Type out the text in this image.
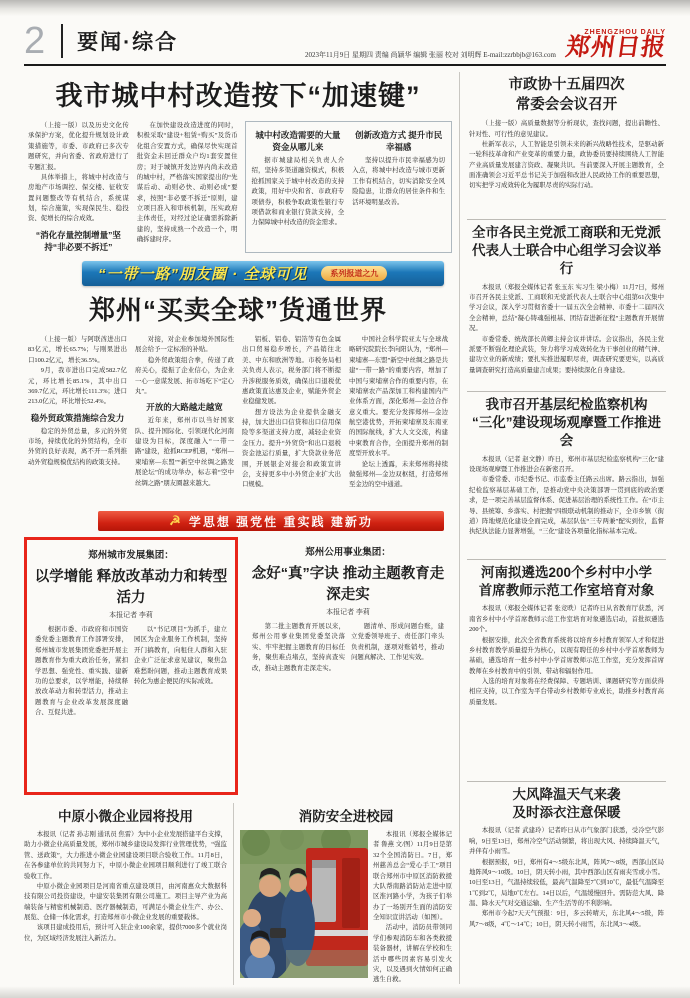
2 要闻·综合	ZHENGZHOU DAILY
2023年11月9日 星期四 责编 尚颖华 编辑 张丽 校对 刘明辉 E-mail:zzrbbjb@163.com 郑州日报
我市城中村改造按下“加速键”

（上接一版）以及历史文化传承保护方案，优化提升规划设计政策措施等，市委、市政府已多次专题研究，并向省委、省政府进行了专题汇报。

具体举措上，将城中村改造与房地产市场调控、保交楼、征收安置问题整改等有机结合，系统谋划，综合施策，实现保民生、稳投资、促增长的综合成效。

“消化存量控制增量”坚持“非必要不拆迁”

在加快建设改造进度的同时，积极采取“建设+租赁+购买”及货币化组合安置方式，确保尽快实现首批资金未回迁群众户均1套安置住房；对于城镇开发边界内尚未改造的城中村，严格落实国家提出的“先谋后动、动则必快、动则必成”要求，按照“非必要不拆迁”原则，建立项目准入和审核机制，压实政府主体责任，对经过论证确需拆除新建的，坚持成熟一个改造一个，明确拆建时序。

城中村改造需要的大量资金从哪儿来

据市城建局相关负责人介绍，坚持多渠道融资模式，积极抢抓国家关于城中村改造的支持政策，用好中央和省、市政府专项债券，积极争取政策性银行专项借款和商业银行贷款支持，全力保障城中村改造的资金需求。

创新改造方式 提升市民幸福感

坚持以提升市民幸福感为切入点，将城中村改造与城市更新工作有机结合，切实消除安全风险隐患，让群众的居住条件和生活环境明显改善。

“一带一路”朋友圈 · 全球可见	系列报道之九
郑州“买卖全球”货通世界

（上接一版）与阿联酋进出口83亿元，增长65.7%；与刚果进出口100.2亿元，增长36.5%。

9月，我市进出口完成582.7亿元，环比增长85.1%，其中出口369.7亿元，环比增长111.3%；进口213.0亿元，环比增长52.4%。

稳外贸政策措施综合发力

稳定的外贸总量，多元的外贸市场，持续优化的外贸结构，全市外贸的良好表现，离不开一系列推动外贸稳规模优结构的政策支持。

对接，对企业参加境外国际性展会给予一定标准的补贴。

稳外贸政策组合拳，传递了政府关心，提振了企业信心，为企业一心一意谋发展、拓市场吃下“定心丸”。

开放的大路越走越宽

近年来，郑州市以当好国家队、提升国际化、引领现代化河南建设为目标，深度融入“一带一路”建设，抢抓RCEP机遇，“郑州—柬埔寨—东盟”“新空中丝绸之路发展论坛”的成功举办，标志着“空中丝绸之路”朋友圈越来越大。

铝板、铝卷、铝箔等有色金属出口贸易稳步增长，产品销往北美、中东和欧洲等地。市税务局相关负责人表示，税务部门将不断提升涉税服务质效，确保出口退税优惠政策直达惠及企业，赋能外贸企业稳健发展。

想方设法为企业提供金融支持，加大进出口信贷和出口信用保险等多渠道支持力度，减轻企业资金压力。提升“外贸贷”和出口退税资金池运行质量，扩大贷款业务范围，开展银企对接会和政策宣讲会，支持更多中小外贸企业扩大出口规模。

中国社会科学院亚太与全球战略研究院院长李向阳认为，“郑州—柬埔寨—东盟”新空中丝绸之路是共建“一带一路”的重要内容，增加了中国与柬埔寨合作的重要内容，在柬埔寨农产品深加工和构建国内产业体系方面，深化郑州—金边合作意义重大。要充分发挥郑州—金边航空港优势，开拓柬埔寨及东南亚的国际航线，扩大人文交流，构建中柬教育合作，全面提升郑州的制度型开放水平。

论坛上透露，未来郑州将持续做强郑州—金边双枢纽，打造郑州至金边的空中通道。

☭ 学思想 强党性 重实践 建新功
郑州城市发展集团：
以学增能 释放改革动力和转型活力
本报记者 李莉

根据市委、市政府和市国资委党委主题教育工作部署安排，郑州城市发展集团党委把开展主题教育作为重大政治任务，紧扣学思想、强党性、重实践、建新功的总要求，以学增能，持续释放改革动力和转型活力，推动主题教育与企业改革发展深度融合、互促共进。

以“书记项目”为抓手，建立园区为企业服务工作机制，坚持开门搞教育，向租住人群和入驻企业广泛征求意见建议，聚焦急难愁盼问题，推动主题教育成果转化为惠企便民的实际成效。

郑州公用事业集团：
念好“真”字诀 推动主题教育走深走实
本报记者 李莉

第二批主题教育开展以来，郑州公用事业集团党委坚决落实、牢牢把握主题教育的目标任务，聚焦难点堵点，坚持真查实改，推动主题教育走深走实。

题清单、形成问题台账，建立党委领导班子、责任部门牵头负责机制，逐项对账销号，推动问题真解决、工作见实效。

中原小微企业园将投用

本报讯（记者 孙志刚 通讯员 焦雷）为中小企业发展搭建平台支撑，助力小微企业高质量发展，郑州市城乡建设局发挥行业管理优势，“强监管、送政策”，大力推进小微企业园建设项目联合验收工作。11月8日，在各参建单位的共同努力下，中原小微企业园项目顺利进行了竣工联合验收工作。

中原小微企业园项目是河南省重点建设项目，由河南惠众大数据科技有限公司投资建设，中建安装集团有限公司施工。项目主导产业为高端装备与精密机械制造、医疗器械制造，可满足小微企业生产、办公、展览、仓储一体化需求，打造郑州市小微企业发展的重要载体。

该项目建成投用后，预计可入驻企业100余家，提供7000多个就业岗位，为区域经济发展注入新活力。

消防安全进校园

本报讯（郑报全媒体记者 鲁燕 文/图）11月9日是第32个全国消防日。7日，郑州慈善总会“爱心手工”项目联合郑州市中原区消防救援大队帮南路消防站走进中原区淮河路小学，为孩子们举办了一场别开生面的消防安全知识宣讲活动（如图）。

活动中，消防员带领同学们参观消防车和各类救援装备器材，讲解在学校和生活中哪些因素容易引发火灾，以及遇到火情如何正确逃生自救。

市政协十五届四次
常委会会议召开

（上接一版）高质量数据等分析现状，查找问题，提出前瞻性、针对性、可行性的意见建议。

杜新军表示，人工智能是引领未来的新兴战略性技术，是驱动新一轮科技革命和产业变革的重要力量，政协委员要持续围绕人工智能产业高质量发展建言资政、凝聚共识。当前要深入开展主题教育，全面准确领会习近平总书记关于加强和改进人民政协工作的重要思想，切实把学习成效转化为履职尽责的实际行动。

全市各民主党派工商联和无党派
代表人士联合中心组学习会议举行

本报讯（郑报全媒体记者 张玉东 实习生 梁小梅）11月7日，郑州市召开各民主党派、工商联和无党派代表人士联合中心组第61次集中学习会议，深入学习贯彻省委十一届五次全会精神、市委十二届四次全会精神，总结“凝心铸魂强根基、团结奋进新征程”主题教育开展情况。

市委常委、统战部长黄卿主持会议并讲话。会议指出，各民主党派要不断强化理论武装，努力将学习成效转化为干事创业的精气神、建功立业的新成绩；要扎实推进履职尽责，调查研究要更实，以高质量调查研究打造高质量建言成果；要持续深化自身建设。

我市召开基层纪检监察机构
“三化”建设现场观摩暨工作推进会

本报讯（记者 赵文静）昨日，郑州市基层纪检监察机构“三化”建设现场观摩暨工作推进会在新密召开。

市委常委、市纪委书记、市监委主任路云出席。路云指出，加强纪检监察基层基础工作，是推动党中央决策部署一贯到底的政治要求，是一项完善基层监督体系、促进基层治理的系统性工作。在“市主导、县统筹、乡落实、村把握”四级联动机制的推动下，全市乡镇（街道）阵地规范化建设全面完成，基层队伍“三专两兼”配实到位，监督执纪执法能力显著增强，“三化”建设各项量化指标基本完成。

河南拟遴选200个乡村中小学
首席教师示范工作室培育对象

本报讯（郑报全媒体记者 张竞昳）记者昨日从省教育厅获悉，河南省乡村中小学首席教师示范工作室培育对象遴选启动，首批拟遴选200个。

根据安排，此次全省教育系统将以培育乡村教育领军人才和促进乡村教育教学质量提升为核心，以现有聘任的乡村中小学首席教师为基础，遴选培育一批乡村中小学首席教师示范工作室，充分发挥首席教师在乡村教育中的引领、带动和辐射作用。

入选的培育对象将在经费保障、专题培训、课题研究等方面获得相应支持，以工作室为平台带动乡村教师专业成长，助推乡村教育高质量发展。

大风降温天气来袭
及时添衣注意保暖

本报讯（记者 武建玲）记者昨日从市气象部门获悉，受冷空气影响，9日至13日，郑州冷空气活动频繁，将出现大风、持续降温天气，并伴有小雨雪。

根据预报，9日，郑州有4～5级东北风，阵风7～8级，西部山区局地阵风9～10级。10日，阴天转小雨，其中西部山区有雨夹雪或小雪。10日至13日，气温持续较低，最高气温降至7℃到10℃，最低气温降至1℃到2℃，局地0℃左右。14日以后，气温缓慢回升。需防范大风、降温、降水天气对交通运输、生产生活等的不利影响。

郑州市今起7天天气预报：9日，多云转晴天，东北风4～5级，阵风7～8级，4℃～14℃；10日，阴天转小雨雪，东北风3～4级。
